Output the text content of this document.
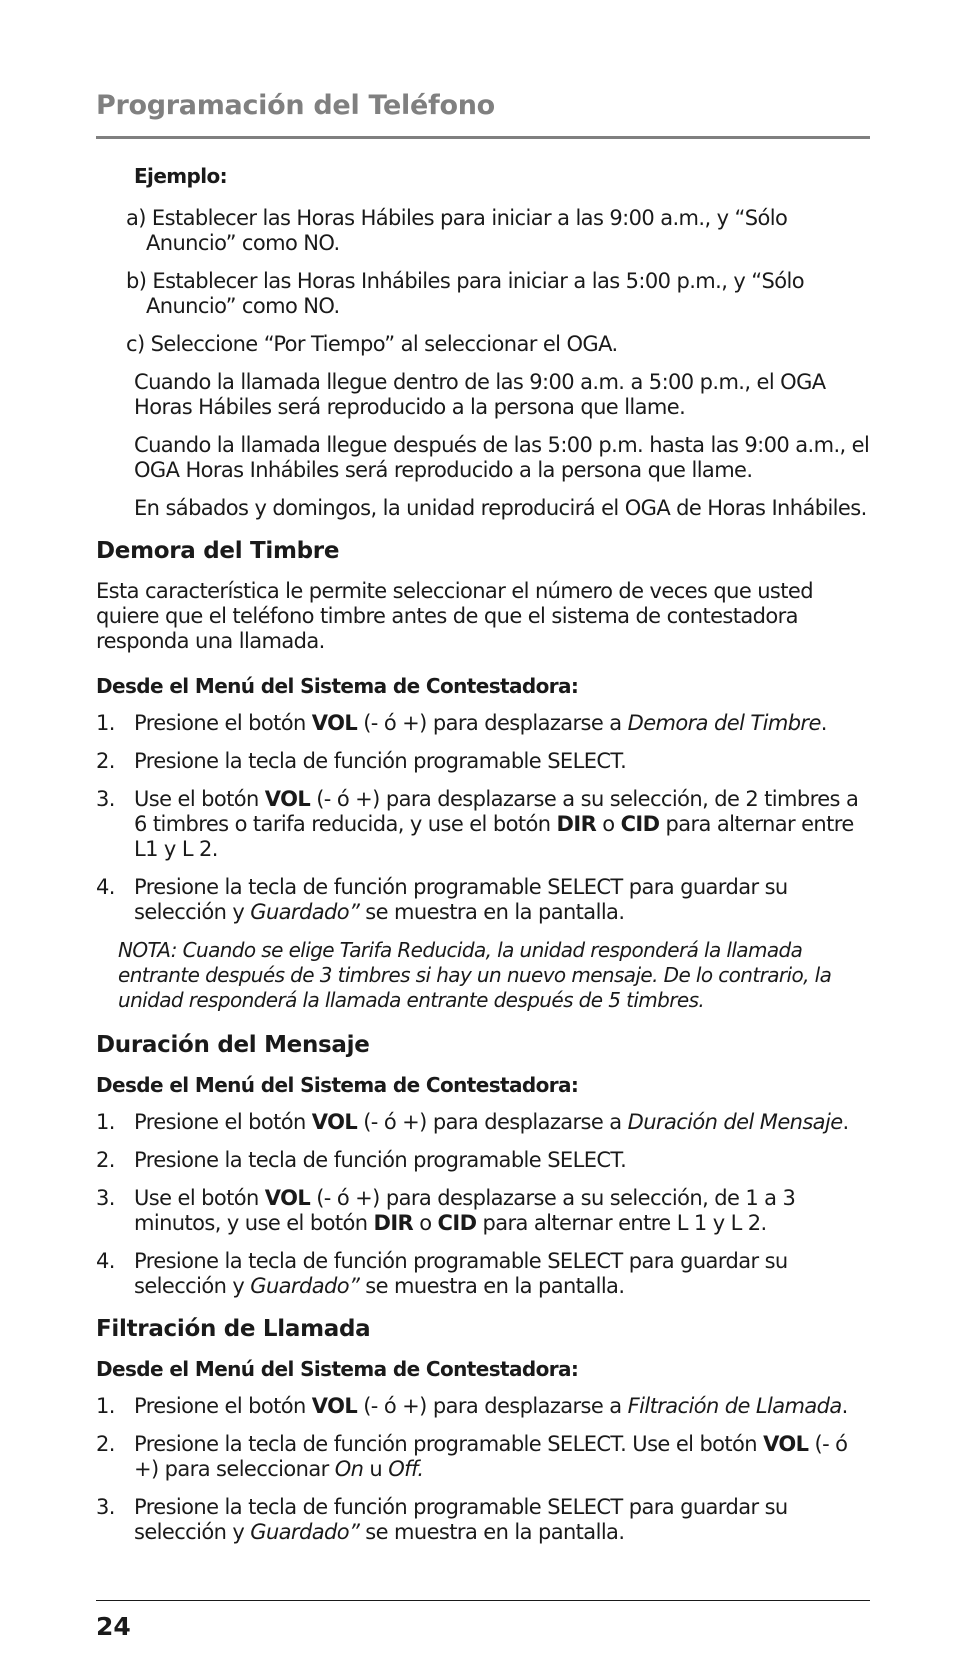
Programación del Teléfono

Ejemplo:

a) Establecer las Horas Hábiles para iniciar a las 9:00 a.m., y “Sólo Anuncio” como NO.

b) Establecer las Horas Inhábiles para iniciar a las 5:00 p.m., y “Sólo Anuncio” como NO.

c) Seleccione “Por Tiempo” al seleccionar el OGA.

Cuando la llamada llegue dentro de las 9:00 a.m. a 5:00 p.m., el OGA Horas Hábiles será reproducido a la persona que llame.

Cuando la llamada llegue después de las 5:00 p.m. hasta las 9:00 a.m., el OGA Horas Inhábiles será reproducido a la persona que llame.

En sábados y domingos, la unidad reproducirá el OGA de Horas Inhábiles.

Demora del Timbre

Esta característica le permite seleccionar el número de veces que usted quiere que el teléfono timbre antes de que el sistema de contestadora responda una llamada.

Desde el Menú del Sistema de Contestadora:

1. Presione el botón VOL (- ó +) para desplazarse a Demora del Timbre.
2. Presione la tecla de función programable SELECT.
3. Use el botón VOL (- ó +) para desplazarse a su selección, de 2 timbres a 6 timbres o tarifa reducida, y use el botón DIR o CID para alternar entre L1 y L 2.
4. Presione la tecla de función programable SELECT para guardar su selección y Guardado” se muestra en la pantalla.

NOTA: Cuando se elige Tarifa Reducida, la unidad responderá la llamada entrante después de 3 timbres si hay un nuevo mensaje. De lo contrario, la unidad responderá la llamada entrante después de 5 timbres.

Duración del Mensaje

Desde el Menú del Sistema de Contestadora:

1. Presione el botón VOL (- ó +) para desplazarse a Duración del Mensaje.
2. Presione la tecla de función programable SELECT.
3. Use el botón VOL (- ó +) para desplazarse a su selección, de 1 a 3 minutos, y use el botón DIR o CID para alternar entre L 1 y L 2.
4. Presione la tecla de función programable SELECT para guardar su selección y Guardado” se muestra en la pantalla.
Filtración de Llamada

Desde el Menú del Sistema de Contestadora:

1. Presione el botón VOL (- ó +) para desplazarse a Filtración de Llamada.
2. Presione la tecla de función programable SELECT. Use el botón VOL (- ó +) para seleccionar On u Off.
3. Presione la tecla de función programable SELECT para guardar su selección y Guardado” se muestra en la pantalla.
24
